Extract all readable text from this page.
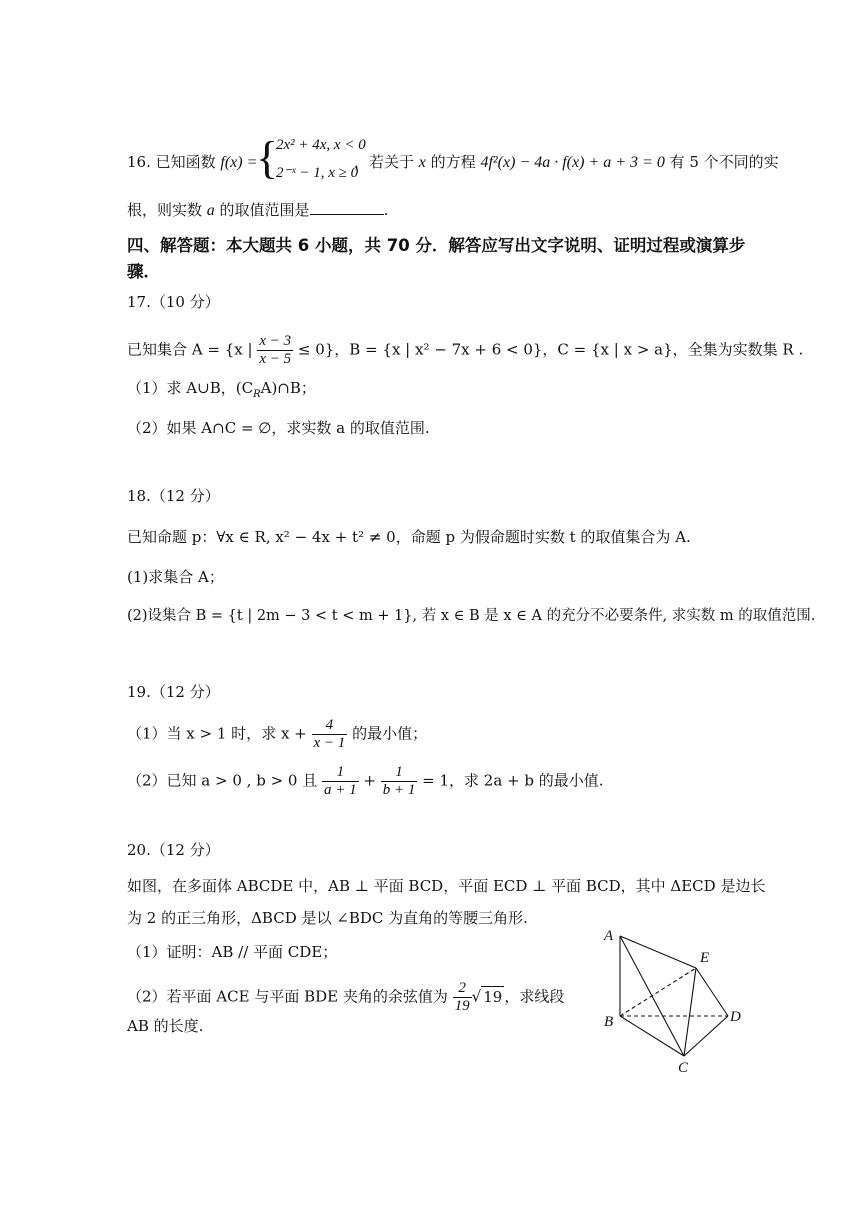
16. 已知函数 f(x) =
{
2x² + 4x, x < 0
2⁻ˣ − 1, x ≥ 0
，若关于 x 的方程 4f²(x) − 4a · f(x) + a + 3 = 0 有 5 个不同的实
根，则实数 a 的取值范围是	.
四、解答题：本大题共 6 小题，共 70 分．解答应写出文字说明、证明过程或演算步
骤．
17.（10 分）
已知集合 A = {x | $\frac{x - 3}{x - 5} \le 0$}，B = {x | x² − 7x + 6 < 0}，C = {x | x > a}，全集为实数集 R .
（1）求 A∪B，$(C_RA)\cap B$；
（2）如果 A∩C = ∅，求实数 a 的取值范围.
18.（12 分）
已知命题 p：∀x ∈ R, x² − 4x + t² ≠ 0，命题 p 为假命题时实数 t 的取值集合为 A.
(1)求集合 A；
(2)设集合 B = {t | 2m − 3 < t < m + 1}, 若 x ∈ B 是 x ∈ A 的充分不必要条件, 求实数 m 的取值范围.
19.（12 分）
（1）当 x > 1 时，求 $x + \frac{4}{x - 1}$ 的最小值；
（2）已知 a > 0 , b > 0 且 $\frac{1}{a + 1} + \frac{1}{b + 1} = 1$，求 2a + b 的最小值.
20.（12 分）
如图，在多面体 ABCDE 中，AB ⊥ 平面 BCD，平面 ECD ⊥ 平面 BCD，其中 ΔECD 是边长
为 2 的正三角形，ΔBCD 是以 ∠BDC 为直角的等腰三角形.
（1）证明：AB // 平面 CDE；
（2）若平面 ACE 与平面 BDE 夹角的余弦值为 $\frac{2}{19}$ √ 19 ，求线段
AB 的长度.
A
E
B	D
C
